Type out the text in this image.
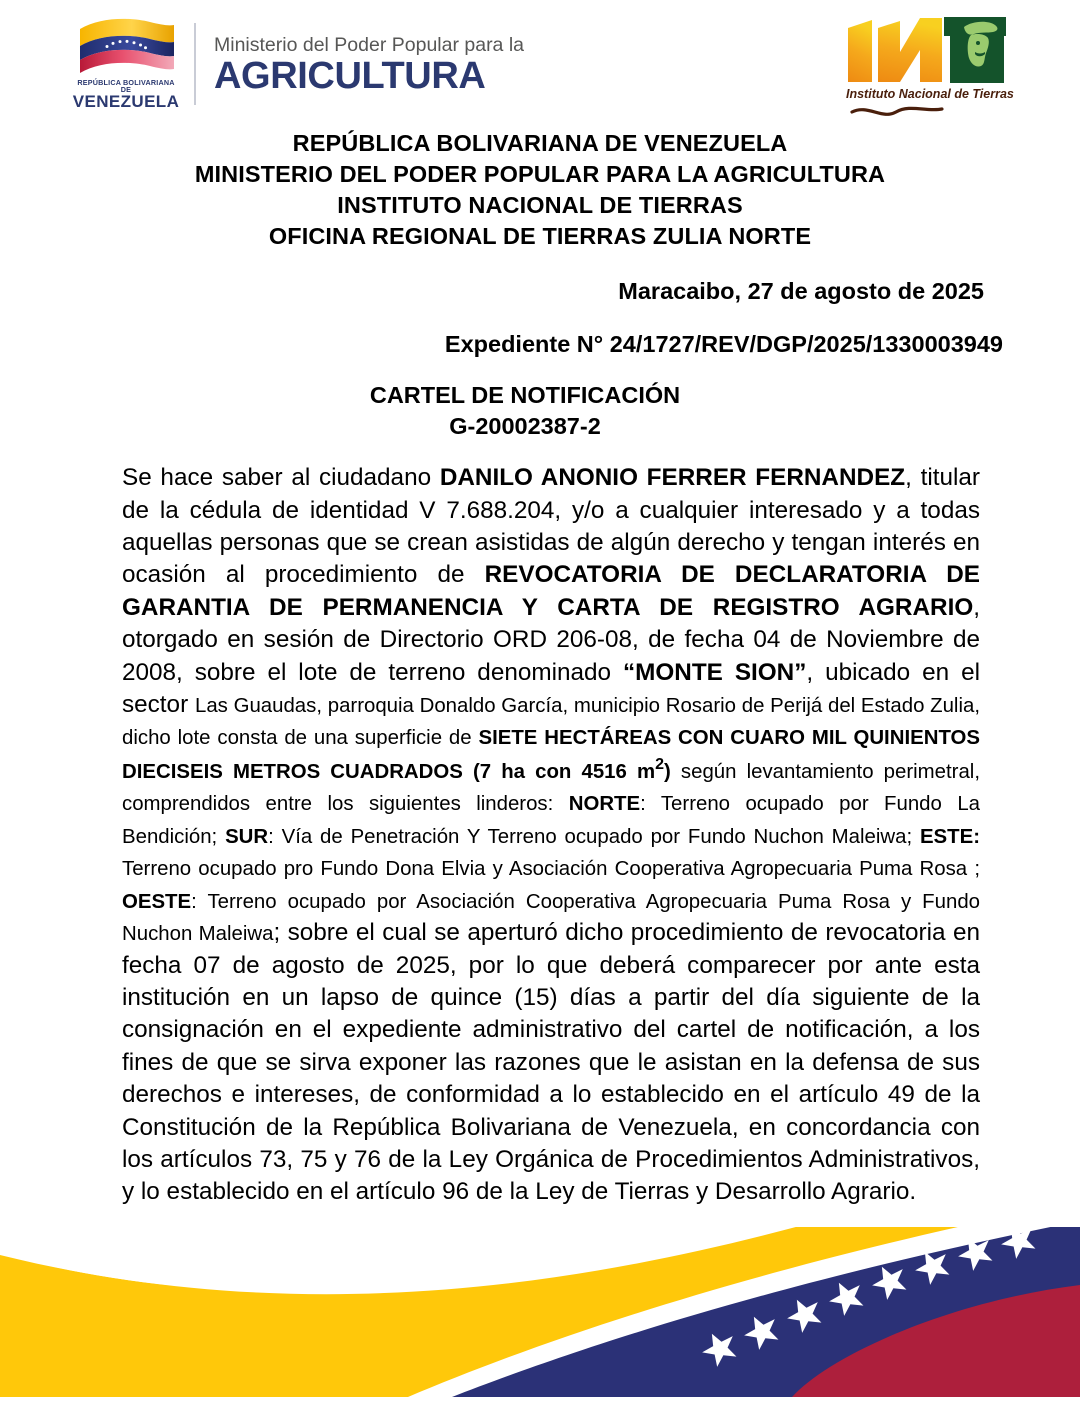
REPÚBLICA BOLIVARIANA DE
VENEZUELA
Ministerio del Poder Popular para la
AGRICULTURA	Instituto Nacional de Tierras
REPÚBLICA BOLIVARIANA DE VENEZUELA
MINISTERIO DEL PODER POPULAR PARA LA AGRICULTURA
INSTITUTO NACIONAL DE TIERRAS
OFICINA REGIONAL DE TIERRAS ZULIA NORTE
Maracaibo, 27 de agosto de 2025
Expediente N° 24/1727/REV/DGP/2025/1330003949
CARTEL DE NOTIFICACIÓN
G-20002387-2
Se hace saber al ciudadano DANILO ANONIO FERRER FERNANDEZ, titular de la cédula de identidad V 7.688.204, y/o a cualquier interesado y a todas aquellas personas que se crean asistidas de algún derecho y tengan interés en ocasión al procedimiento de REVOCATORIA DE DECLARATORIA DE GARANTIA DE PERMANENCIA Y CARTA DE REGISTRO AGRARIO, otorgado en sesión de Directorio ORD 206-08, de fecha 04 de Noviembre de 2008, sobre el lote de terreno denominado “MONTE SION”, ubicado en el sector Las Guaudas, parroquia Donaldo García, municipio Rosario de Perijá del Estado Zulia, dicho lote consta de una superficie de SIETE HECTÁREAS CON CUARO MIL QUINIENTOS DIECISEIS METROS CUADRADOS (7 ha con 4516 $m^2$) según levantamiento perimetral, comprendidos entre los siguientes linderos: NORTE: Terreno ocupado por Fundo La Bendición; SUR: Vía de Penetración Y Terreno ocupado por Fundo Nuchon Maleiwa; ESTE: Terreno ocupado pro Fundo Dona Elvia y Asociación Cooperativa Agropecuaria Puma Rosa ; OESTE: Terreno ocupado por Asociación Cooperativa Agropecuaria Puma Rosa y Fundo Nuchon Maleiwa; sobre el cual se aperturó dicho procedimiento de revocatoria en fecha 07 de agosto de 2025, por lo que deberá comparecer por ante esta institución en un lapso de quince (15) días a partir del día siguiente de la consignación en el expediente administrativo del cartel de notificación, a los fines de que se sirva exponer las razones que le asistan en la defensa de sus derechos e intereses, de conformidad a lo establecido en el artículo 49 de la Constitución de la República Bolivariana de Venezuela, en concordancia con los artículos 73, 75 y 76 de la Ley Orgánica de Procedimientos Administrativos, y lo establecido en el artículo 96 de la Ley de Tierras y Desarrollo Agrario.
